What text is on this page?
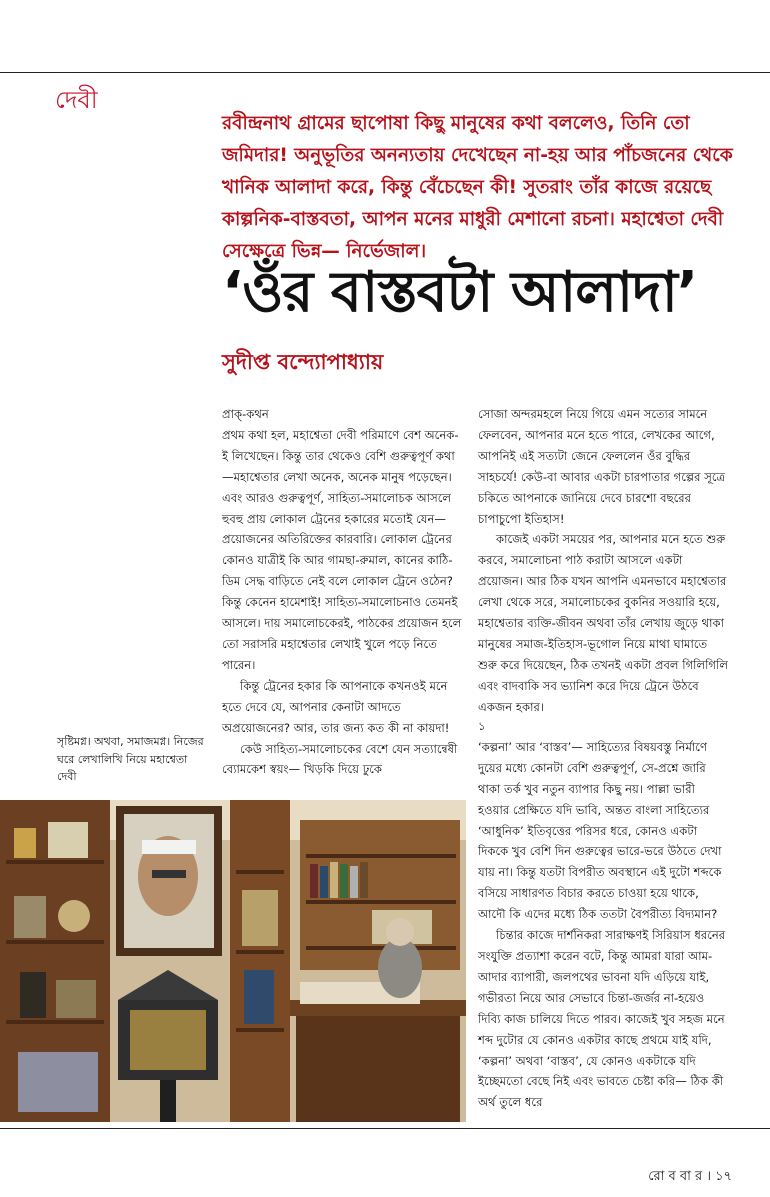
দেবী

রবীন্দ্রনাথ গ্রামের ছাপোষা কিছু মানুষের কথা বললেও, তিনি তো জমিদার! অনুভূতির অনন্যতায় দেখেছেন না-হয় আর পাঁচজনের থেকে খানিক আলাদা করে, কিন্তু বেঁচেছেন কী! সুতরাং তাঁর কাজে রয়েছে কাল্পনিক-বাস্তবতা, আপন মনের মাধুরী মেশানো রচনা। মহাশ্বেতা দেবী সেক্ষেত্রে ভিন্ন— নির্ভেজাল।

‘ওঁর বাস্তবটা আলাদা’
সুদীপ্ত বন্দ্যোপাধ্যায়

প্রাক্-কথন

প্রথম কথা হল, মহাশ্বেতা দেবী পরিমাণে বেশ অনেক-ই লিখেছেন। কিন্তু তার থেকেও বেশি গুরুত্বপূর্ণ কথা—মহাশ্বেতার লেখা অনেক, অনেক মানুষ পড়েছেন। এবং আরও গুরুত্বপূর্ণ, সাহিত্য-সমালোচক আসলে হুবহু প্রায় লোকাল ট্রেনের হকারের মতোই যেন— প্রয়োজনের অতিরিক্তের কারবারি। লোকাল ট্রেনের কোনও যাত্রীই কি আর গামছা-রুমাল, কানের কাঠি-ডিম সেদ্ধ বাড়িতে নেই বলে লোকাল ট্রেনে ওঠেন? কিন্তু কেনেন হামেশাই! সাহিত্য-সমালোচনাও তেমনই আসলে। দায় সমালোচকেরই, পাঠকের প্রয়োজন হলে তো সরাসরি মহাশ্বেতার লেখাই খুলে পড়ে নিতে পারেন।

কিন্তু ট্রেনের হকার কি আপনাকে কখনওই মনে হতে দেবে যে, আপনার কেনাটা আদতে অপ্রয়োজনের? আর, তার জন্য কত কী না কায়দা!

কেউ সাহিত্য-সমালোচকের বেশে যেন সত্যান্বেষী ব্যোমকেশ স্বয়ং— খিড়কি দিয়ে ঢুকে

সোজা অন্দরমহলে নিয়ে গিয়ে এমন সত্যের সামনে ফেলবেন, আপনার মনে হতে পারে, লেখকের আগে, আপনিই এই সত্যটা জেনে ফেললেন ওঁর বুদ্ধির সাহচর্যে! কেউ-বা আবার একটা চারপাতার গল্পের সূত্রে চকিতে আপনাকে জানিয়ে দেবে চারশো বছরের চাপাচুপো ইতিহাস!

কাজেই একটা সময়ের পর, আপনার মনে হতে শুরু করবে, সমালোচনা পাঠ করাটা আসলে একটা প্রয়োজন। আর ঠিক যখন আপনি এমনভাবে মহাশ্বেতার লেখা থেকে সরে, সমালোচকের বুকনির সওয়ারি হয়ে, মহাশ্বেতার ব্যক্তি-জীবন অথবা তাঁর লেখায় জুড়ে থাকা মানুষের সমাজ-ইতিহাস-ভূগোল নিয়ে মাথা ঘামাতে শুরু করে দিয়েছেন, ঠিক তখনই একটা প্রবল গিলিগিলি এবং বাদবাকি সব ভ্যানিশ করে দিয়ে ট্রেনে উঠবে একজন হকার।

১

‘কল্পনা’ আর ‘বাস্তব’— সাহিত্যের বিষয়বস্তু নির্মাণে দুয়ের মধ্যে কোনটা বেশি গুরুত্বপূর্ণ, সে-প্রশ্নে জারি থাকা তর্ক খুব নতুন ব্যাপার কিছু নয়। পাল্লা ভারী হওয়ার প্রেক্ষিতে যদি ভাবি, অন্তত বাংলা সাহিত্যের ‘আধুনিক’ ইতিবৃত্তের পরিসর ধরে, কোনও একটা দিককে খুব বেশি দিন গুরুত্বের ভারে-ভরে উঠতে দেখা যায় না। কিন্তু যতটা বিপরীত অবস্থানে এই দুটো শব্দকে বসিয়ে সাধারণত বিচার করতে চাওয়া হয়ে থাকে, আদৌ কি এদের মধ্যে ঠিক ততটা বৈপরীত্য বিদ্যমান?

চিন্তার কাজে দার্শনিকরা সারাক্ষণই সিরিয়াস ধরনের সংযুক্তি প্রত্যাশা করেন বটে, কিন্তু আমরা যারা আম-আদার ব্যাপারী, জলপথের ভাবনা যদি এড়িয়ে যাই, গভীরতা নিয়ে আর সেভাবে চিন্তা-জর্জর না-হয়েও দিব্যি কাজ চালিয়ে দিতে পারব। কাজেই খুব সহজ মনে শব্দ দুটোর যে কোনও একটার কাছে প্রথমে যাই যদি, ‘কল্পনা’ অথবা ‘বাস্তব’, যে কোনও একটাকে যদি ইচ্ছেমতো বেছে নিই এবং ভাবতে চেষ্টা করি— ঠিক কী অর্থ তুলে ধরে

সৃষ্টিমগ্ন। অথবা, সমাজমগ্ন। নিজের ঘরে লেখালিখি নিয়ে মহাশ্বেতা দেবী
রো ব বা র । ১৭
